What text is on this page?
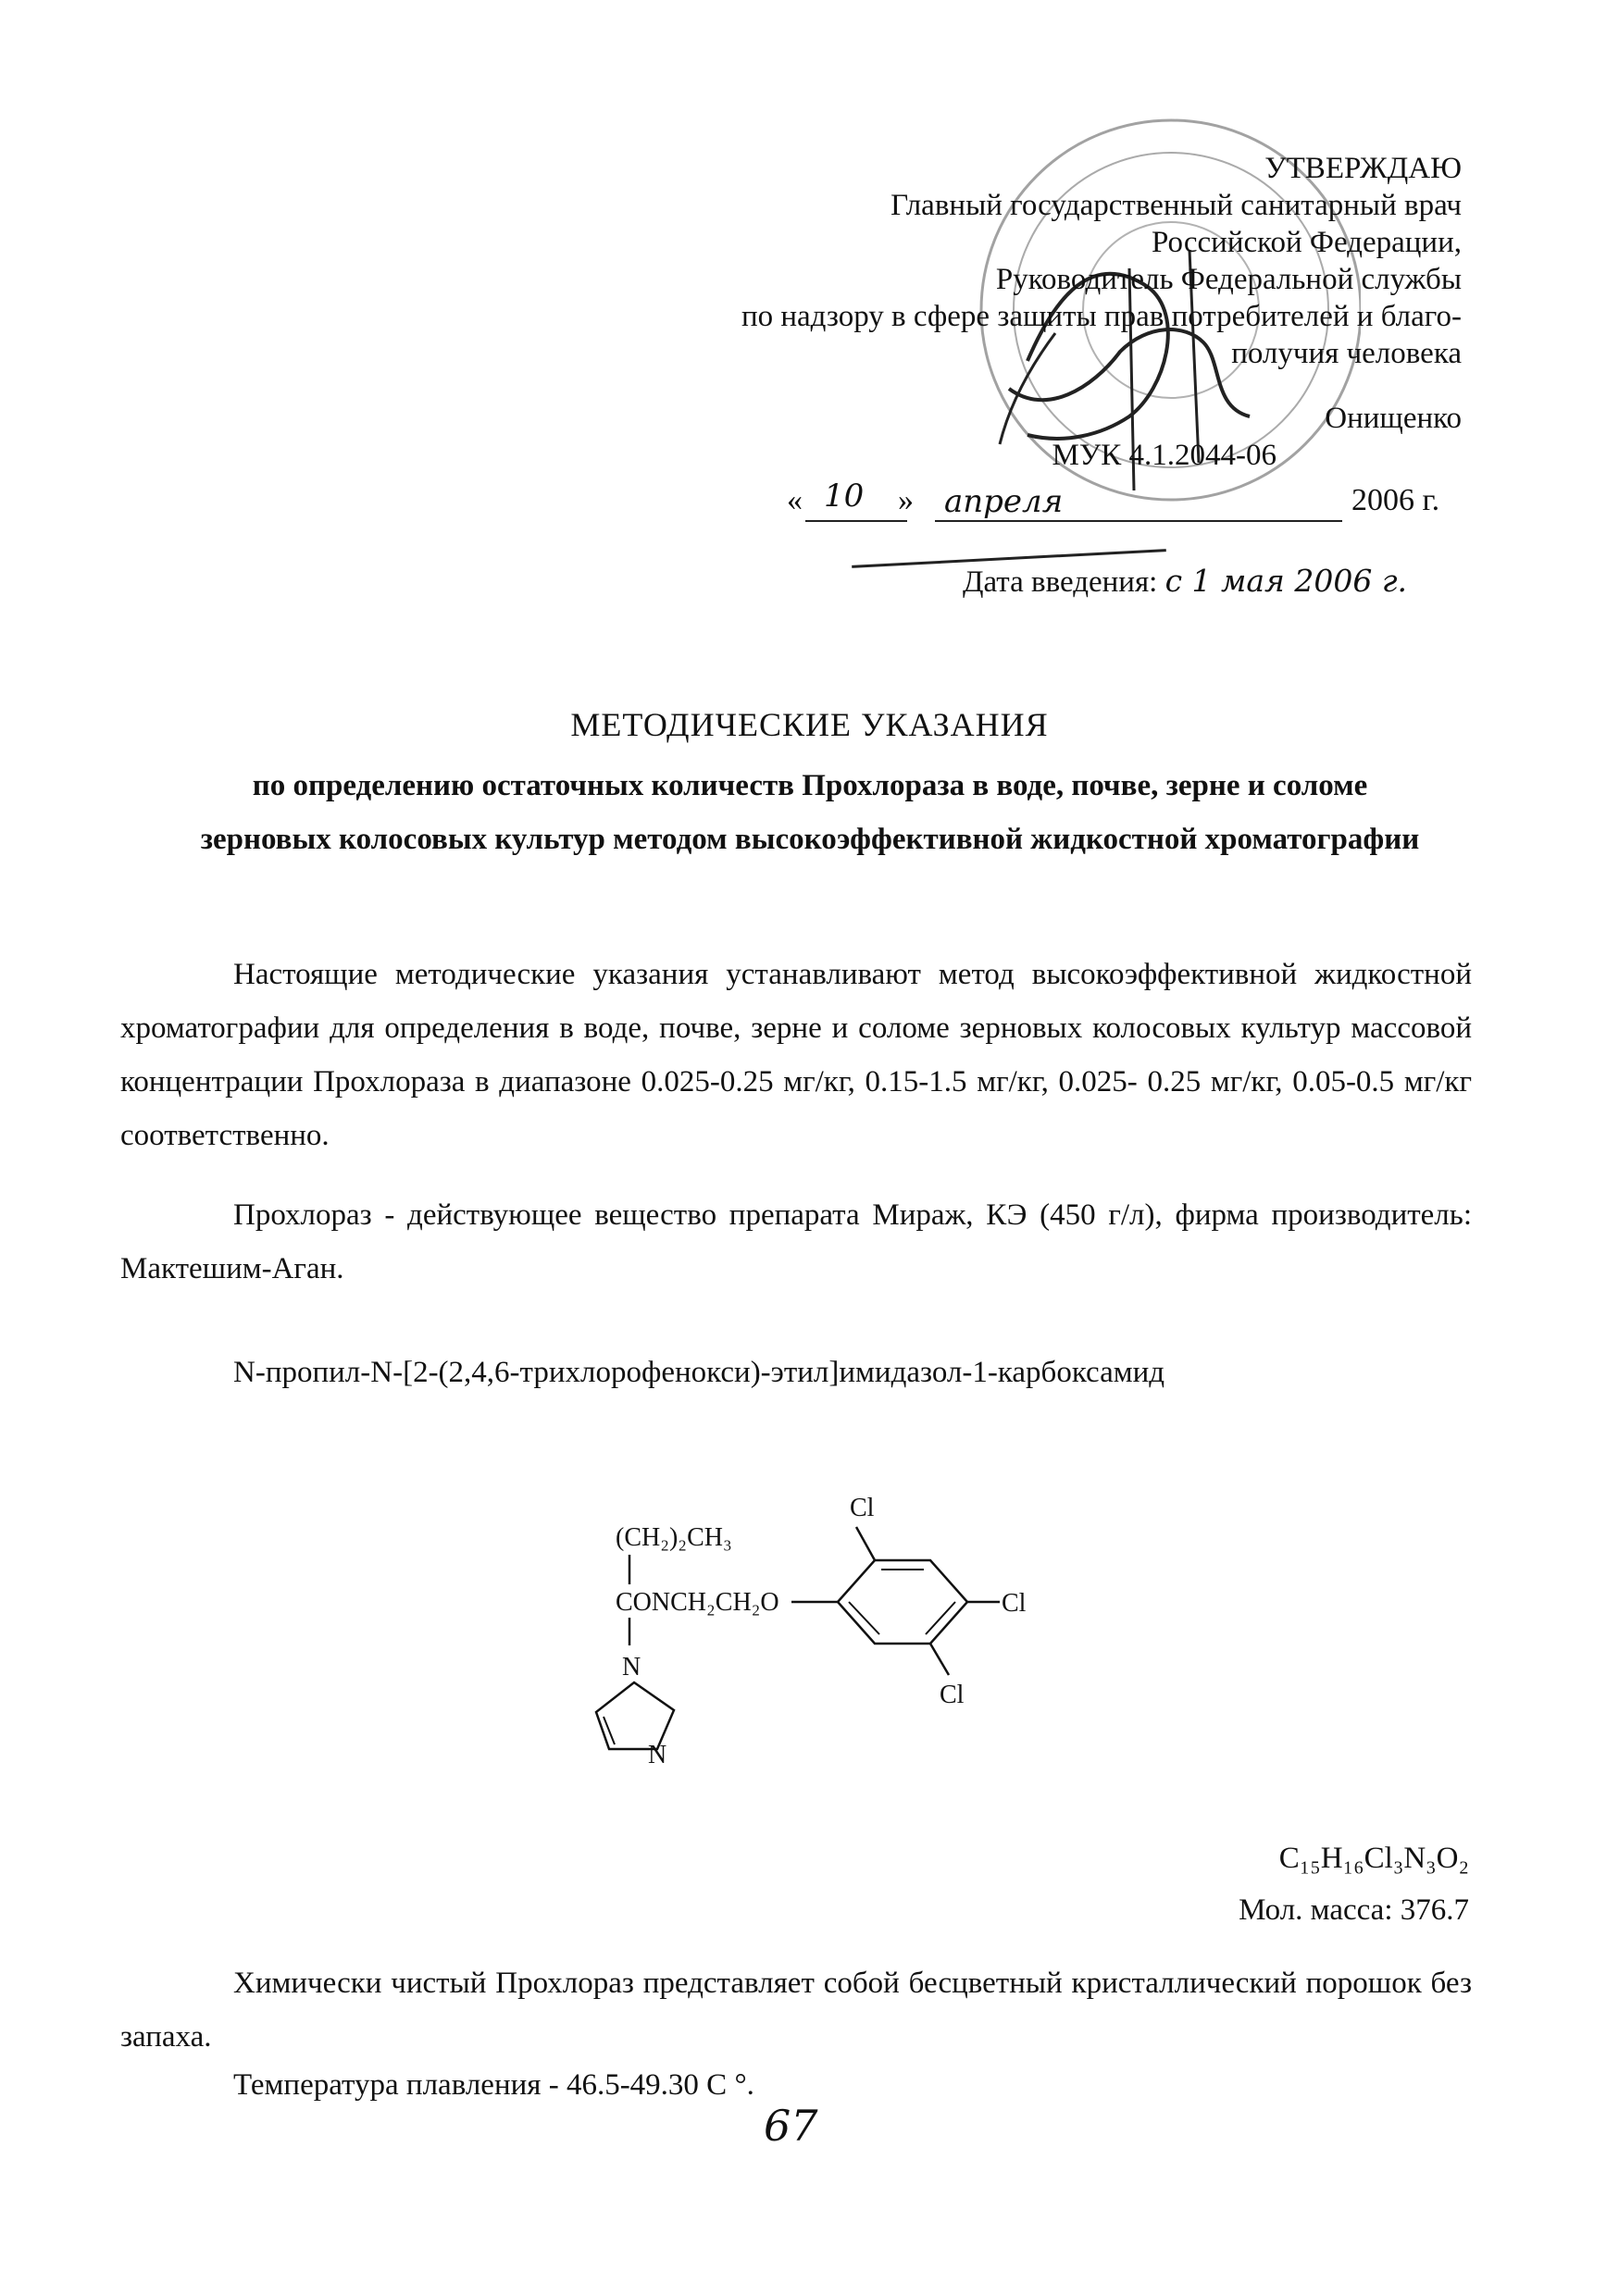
УТВЕРЖДАЮ
Главный государственный санитарный врач
Российской Федерации,
Руководитель Федеральной службы
по надзору в сфере защиты прав потребителей и благо-
получия человека
Онищенко
МУК 4.1.2044-06
« 10 » апреля	2006 г.
Дата введения: с 1 мая 2006 г.
МЕТОДИЧЕСКИЕ УКАЗАНИЯ
по определению остаточных количеств Прохлораза в воде, почве, зерне и соломе
зерновых колосовых культур методом высокоэффективной жидкостной хроматографии
Настоящие методические указания устанавливают метод высокоэффективной жидкостной хроматографии для определения в воде, почве, зерне и соломе зерновых колосовых культур массовой концентрации Прохлораза в диапазоне 0.025-0.25 мг/кг, 0.15-1.5 мг/кг, 0.025- 0.25 мг/кг, 0.05-0.5 мг/кг соответственно.
Прохлораз - действующее вещество препарата Мираж, КЭ (450 г/л), фирма производитель: Мактешим-Аган.
N-пропил-N-[2-(2,4,6-трихлорофенокси)-этил]имидазол-1-карбоксамид
(CH₂)₂CH₃
CONCH₂CH₂O
N
N
Cl
Cl
Cl
C₁₅H₁₆Cl₃N₃O₂
Мол. масса: 376.7
Химически чистый Прохлораз представляет собой бесцветный кристаллический порошок без запаха.
Температура плавления - 46.5-49.30 С °.
67
